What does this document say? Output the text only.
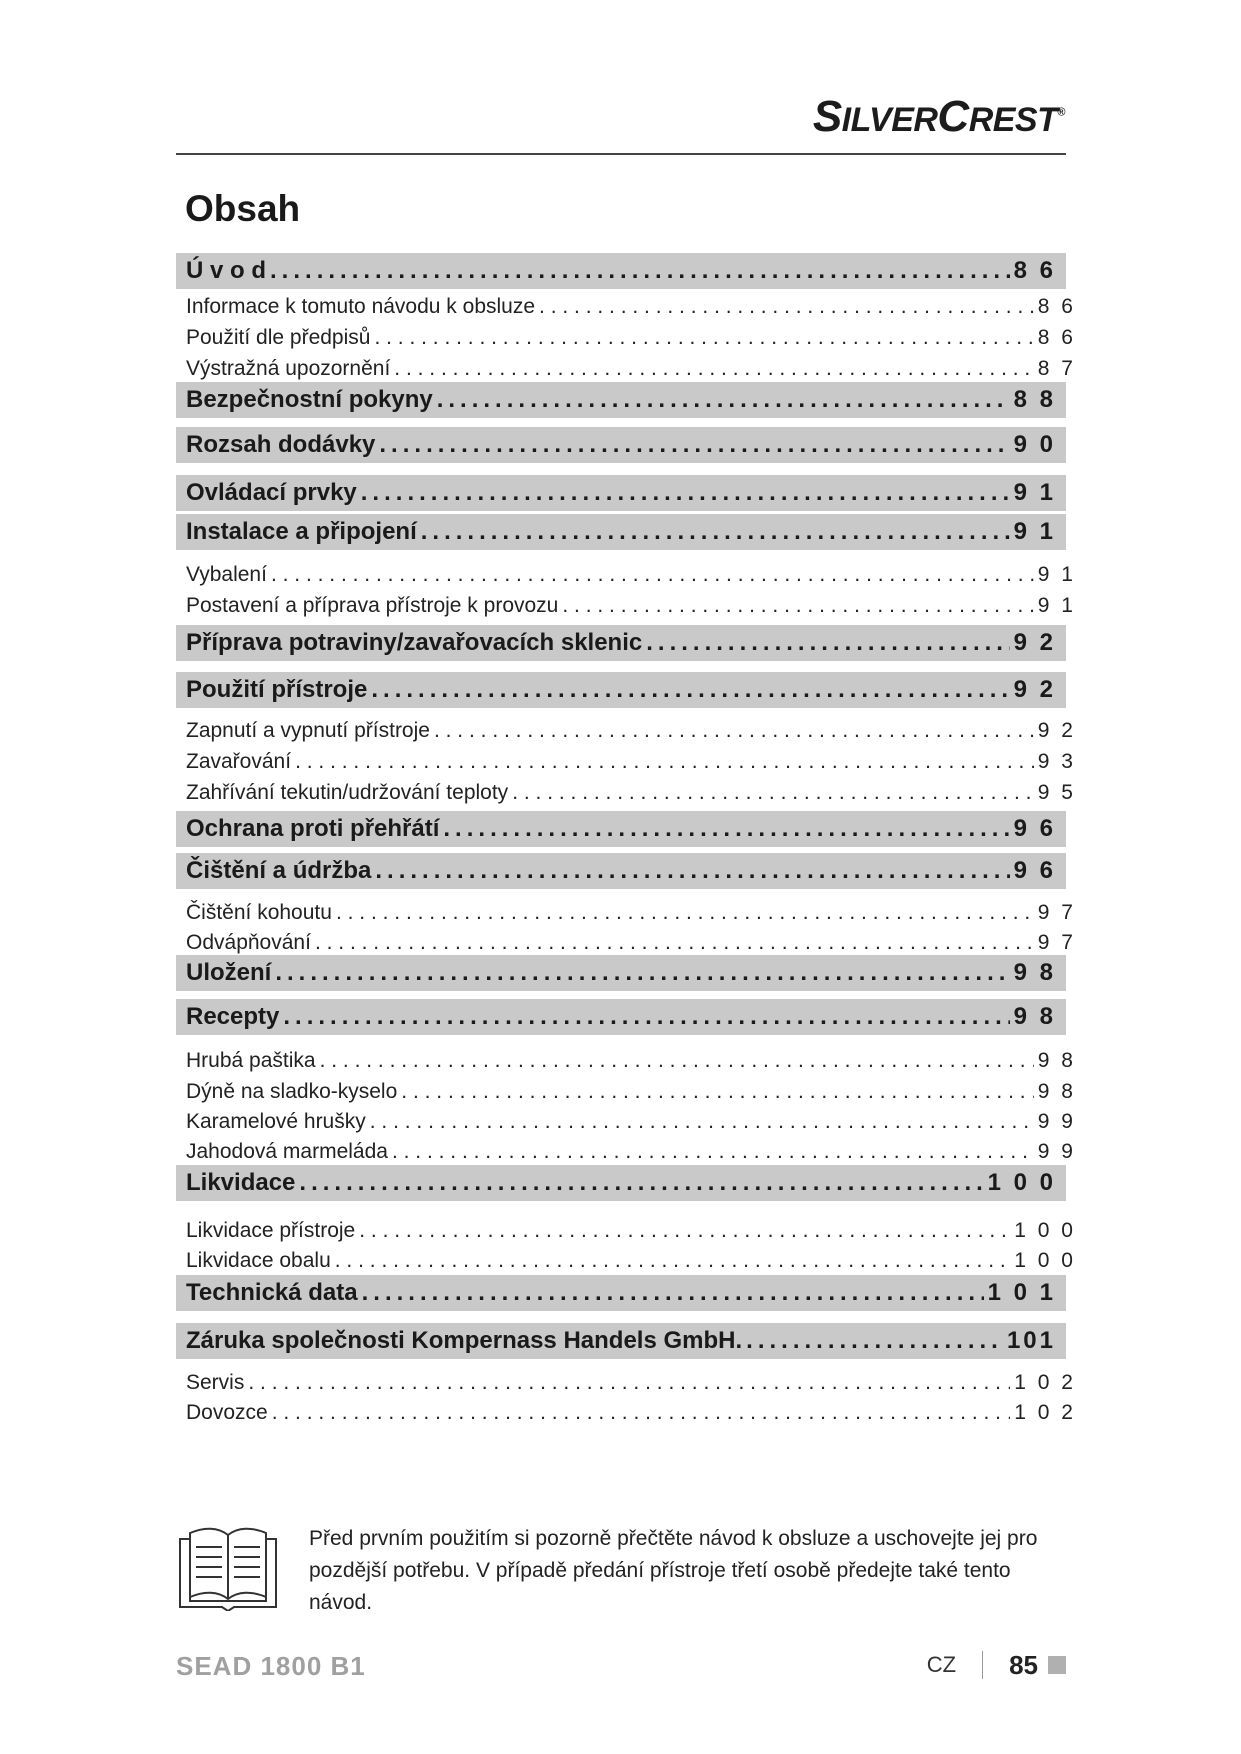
SILVERCREST®
Obsah
Ú v o d .....	8 6
Informace k tomuto návodu k obsluze . . .	8 6
Použití dle předpisů . . .	8 6
Výstražná upozornění . . .	8 7
Bezpečnostní pokyny .....	8 8
Rozsah dodávky .....	9 0
Ovládací prvky .....	9 1
Instalace a připojení .....	9 1
Vybalení . . .	9 1
Postavení a příprava přístroje k provozu . . .	9 1
Příprava potraviny/zavařovacích sklenic .....	9 2
Použití přístroje .....	9 2
Zapnutí a vypnutí přístroje . . .	9 2
Zavařování . . .	9 3
Zahřívání tekutin/udržování teploty . . .	9 5
Ochrana proti přehřátí .....	9 6
Čištění a údržba .....	9 6
Čištění kohoutu . . .	9 7
Odvápňování . . .	9 7
Uložení .....	9 8
Recepty .....	9 8
Hrubá paštika . . .	9 8
Dýně na sladko-kyselo . . .	9 8
Karamelové hrušky . . .	9 9
Jahodová marmeláda . . .	9 9
Likvidace .....	1 0 0
Likvidace přístroje . . .	1 0 0
Likvidace obalu . . .	1 0 0
Technická data .....	1 0 1
Záruka společnosti Kompernass Handels GmbH. .....	101
Servis . . .	1 0 2
Dovozce . . .	1 0 2

Před prvním použitím si pozorně přečtěte návod k obsluze a uschovejte jej pro pozdější potřebu. V případě předání přístroje třetí osobě předejte také tento návod.

SEAD 1800 B1	CZ 85
